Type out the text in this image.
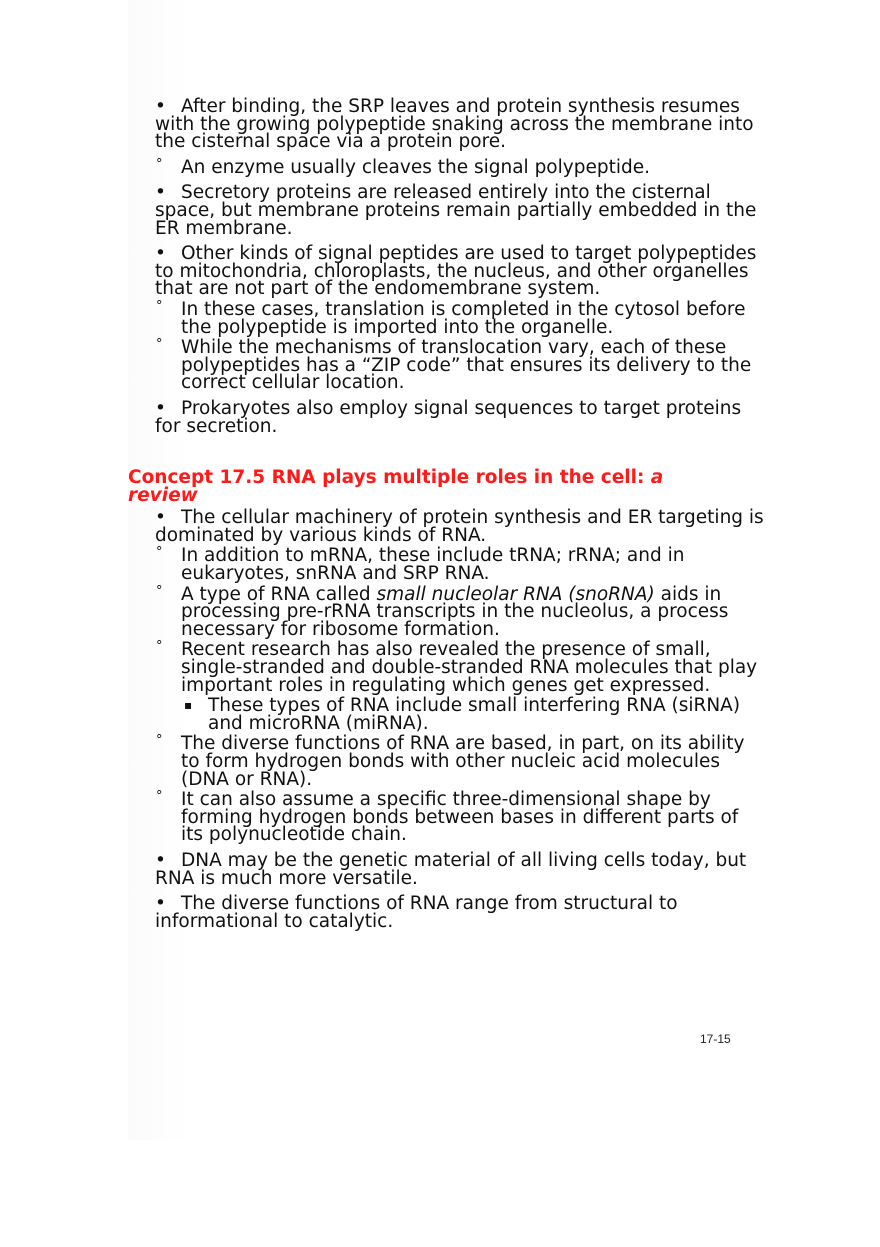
• After binding, the SRP leaves and protein synthesis resumes with the growing polypeptide snaking across the membrane into the cisternal space via a protein pore.
° An enzyme usually cleaves the signal polypeptide.
• Secretory proteins are released entirely into the cisternal space, but membrane proteins remain partially embedded in the ER membrane.
• Other kinds of signal peptides are used to target polypeptides to mitochondria, chloroplasts, the nucleus, and other organelles that are not part of the endomembrane system.
° In these cases, translation is completed in the cytosol before the polypeptide is imported into the organelle.
° While the mechanisms of translocation vary, each of these polypeptides has a “ZIP code” that ensures its delivery to the correct cellular location.
• Prokaryotes also employ signal sequences to target proteins for secretion.
Concept 17.5 RNA plays multiple roles in the cell: a review
• The cellular machinery of protein synthesis and ER targeting is dominated by various kinds of RNA.
° In addition to mRNA, these include tRNA; rRNA; and in eukaryotes, snRNA and SRP RNA.
° A type of RNA called small nucleolar RNA (snoRNA) aids in processing pre-rRNA transcripts in the nucleolus, a process necessary for ribosome formation.
° Recent research has also revealed the presence of small, single-stranded and double-stranded RNA molecules that play important roles in regulating which genes get expressed.
▪ These types of RNA include small interfering RNA (siRNA) and microRNA (miRNA).
° The diverse functions of RNA are based, in part, on its ability to form hydrogen bonds with other nucleic acid molecules (DNA or RNA).
° It can also assume a specific three-dimensional shape by forming hydrogen bonds between bases in different parts of its polynucleotide chain.
• DNA may be the genetic material of all living cells today, but RNA is much more versatile.
• The diverse functions of RNA range from structural to informational to catalytic.
17-15
